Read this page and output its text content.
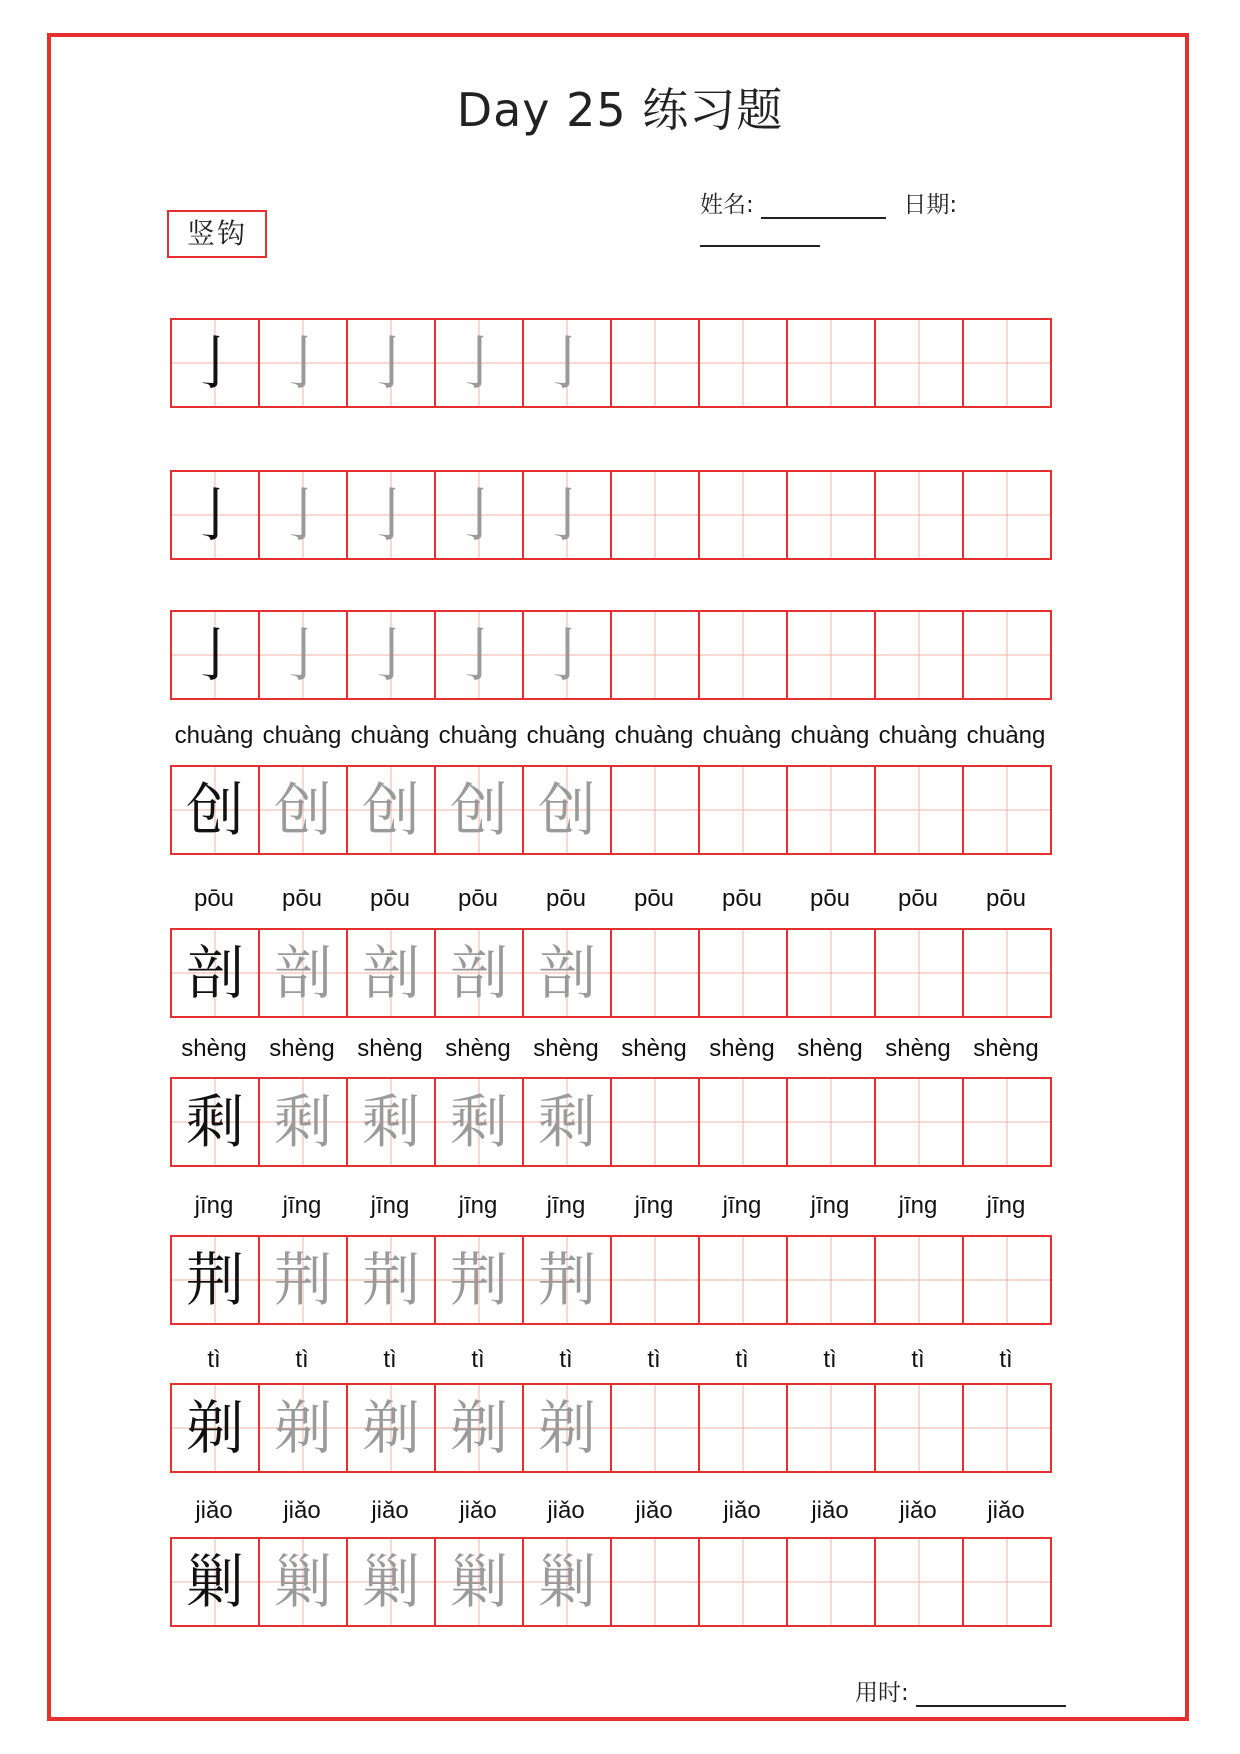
Day 25 练习题
姓名:	日期:
竖钩
亅 亅 亅 亅 亅
亅 亅 亅 亅 亅
亅 亅 亅 亅 亅
chuàng chuàng chuàng chuàng chuàng chuàng chuàng chuàng chuàng chuàng
创 创 创 创 创
pōu	pōu	pōu	pōu	pōu	pōu	pōu	pōu	pōu	pōu
剖 剖 剖 剖 剖
shèng shèng shèng shèng shèng shèng shèng shèng shèng shèng
剩 剩 剩 剩 剩
jīng	jīng	jīng	jīng	jīng	jīng	jīng	jīng	jīng	jīng
荆 荆 荆 荆 荆
tì	tì	tì	tì	tì	tì	tì	tì	tì	tì
剃 剃 剃 剃 剃
jiǎo	jiǎo	jiǎo	jiǎo	jiǎo	jiǎo	jiǎo	jiǎo	jiǎo	jiǎo
剿 剿 剿 剿 剿
用时:
